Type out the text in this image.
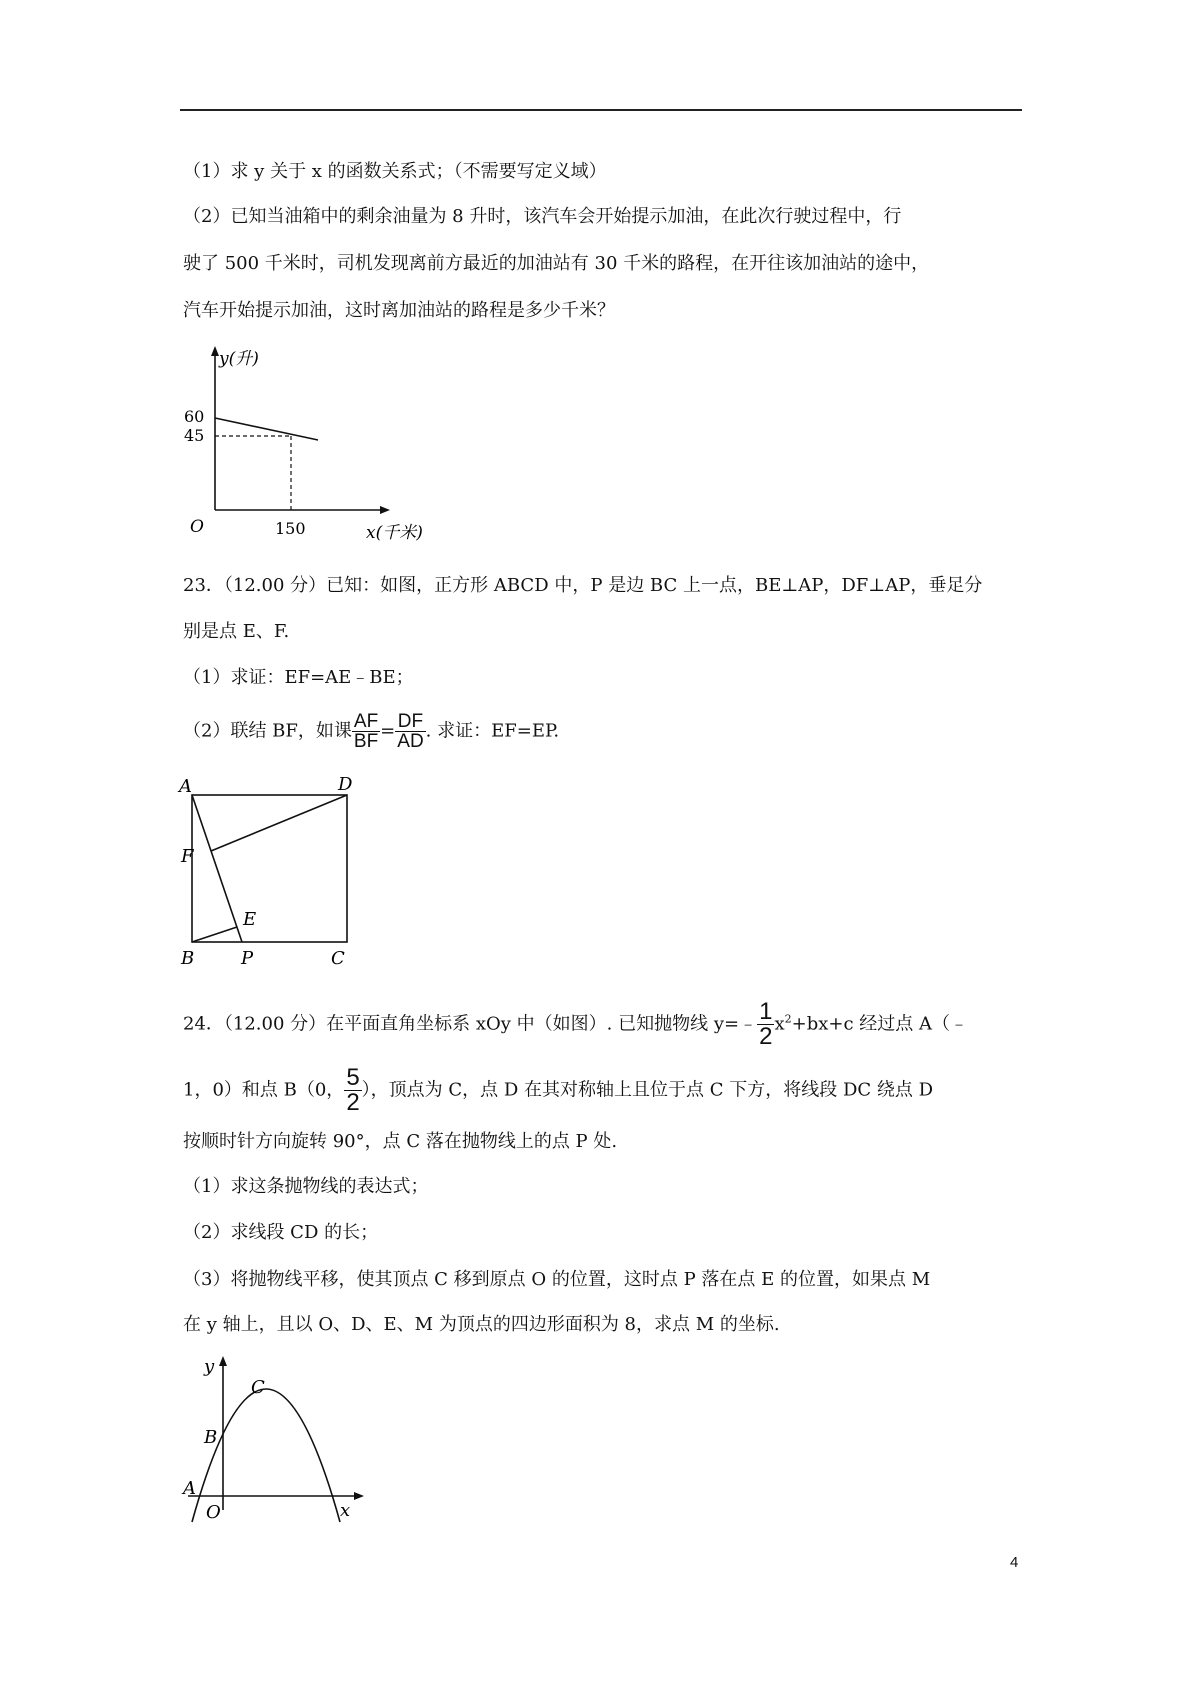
（1）求 y 关于 x 的函数关系式；（不需要写定义域）
（2）已知当油箱中的剩余油量为 8 升时，该汽车会开始提示加油，在此次行驶过程中，行
驶了 500 千米时，司机发现离前方最近的加油站有 30 千米的路程，在开往该加油站的途中，
汽车开始提示加油，这时离加油站的路程是多少千米？
y(升)
60
45
O	150	x(千米)
23．（12.00 分）已知：如图，正方形 ABCD 中，P 是边 BC 上一点，BE⊥AP，DF⊥AP，垂足分
别是点 E、F.
（1）求证：EF=AE﹣BE；
（2）联结 BF，如课 $\frac{AF}{BF} = \frac{DF}{AD}$ . 求证：EF=EP.
A	D
F
E
B	P	C
24．（12.00 分）在平面直角坐标系 xOy 中（如图）. 已知抛物线 y=﹣ $\frac{1}{2} x^2+bx+c$ 经过点 A（﹣
1，0）和点 B（0， $\frac{5}{2}$ ），顶点为 C，点 D 在其对称轴上且位于点 C 下方，将线段 DC 绕点 D
按顺时针方向旋转 90°，点 C 落在抛物线上的点 P 处.
（1）求这条抛物线的表达式；
（2）求线段 CD 的长；
（3）将抛物线平移，使其顶点 C 移到原点 O 的位置，这时点 P 落在点 E 的位置，如果点 M
在 y 轴上，且以 O、D、E、M 为顶点的四边形面积为 8，求点 M 的坐标.
y
C
B
A
O	x
4
